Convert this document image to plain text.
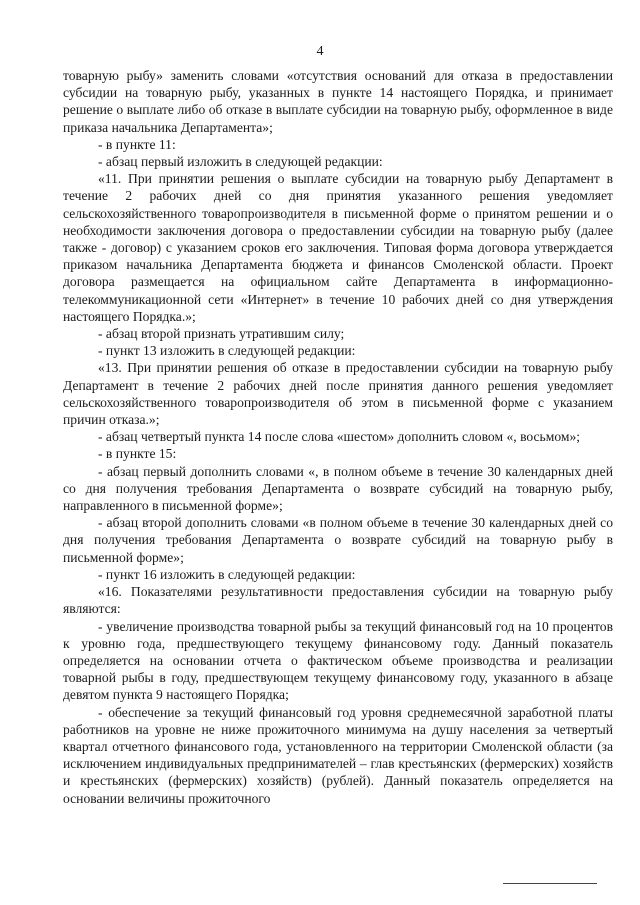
4

товарную рыбу» заменить словами «отсутствия оснований для отказа в предоставлении субсидии на товарную рыбу, указанных в пункте 14 настоящего Порядка, и принимает решение о выплате либо об отказе в выплате субсидии на товарную рыбу, оформленное в виде приказа начальника Департамента»;

- в пункте 11:

- абзац первый изложить в следующей редакции:

«11. При принятии решения о выплате субсидии на товарную рыбу Департамент в течение 2 рабочих дней со дня принятия указанного решения уведомляет сельскохозяйственного товаропроизводителя в письменной форме о принятом решении и о необходимости заключения договора о предоставлении субсидии на товарную рыбу (далее также - договор) с указанием сроков его заключения. Типовая форма договора утверждается приказом начальника Департамента бюджета и финансов Смоленской области. Проект договора размещается на официальном сайте Департамента в информационно-телекоммуникационной сети «Интернет» в течение 10 рабочих дней со дня утверждения настоящего Порядка.»;

- абзац второй признать утратившим силу;

- пункт 13 изложить в следующей редакции:

«13. При принятии решения об отказе в предоставлении субсидии на товарную рыбу Департамент в течение 2 рабочих дней после принятия данного решения уведомляет сельскохозяйственного товаропроизводителя об этом в письменной форме с указанием причин отказа.»;

- абзац четвертый пункта 14 после слова «шестом» дополнить словом «, восьмом»;

- в пункте 15:

- абзац первый дополнить словами «, в полном объеме в течение 30 календарных дней со дня получения требования Департамента о возврате субсидий на товарную рыбу, направленного в письменной форме»;

- абзац второй дополнить словами «в полном объеме в течение 30 календарных дней со дня получения требования Департамента о возврате субсидий на товарную рыбу в письменной форме»;

- пункт 16 изложить в следующей редакции:

«16. Показателями результативности предоставления субсидии на товарную рыбу являются:

- увеличение производства товарной рыбы за текущий финансовый год на 10 процентов к уровню года, предшествующего текущему финансовому году. Данный показатель определяется на основании отчета о фактическом объеме производства и реализации товарной рыбы в году, предшествующем текущему финансовому году, указанного в абзаце девятом пункта 9 настоящего Порядка;

- обеспечение за текущий финансовый год уровня среднемесячной заработной платы работников на уровне не ниже прожиточного минимума на душу населения за четвертый квартал отчетного финансового года, установленного на территории Смоленской области (за исключением индивидуальных предпринимателей – глав крестьянских (фермерских) хозяйств и крестьянских (фермерских) хозяйств) (рублей). Данный показатель определяется на основании величины прожиточного
